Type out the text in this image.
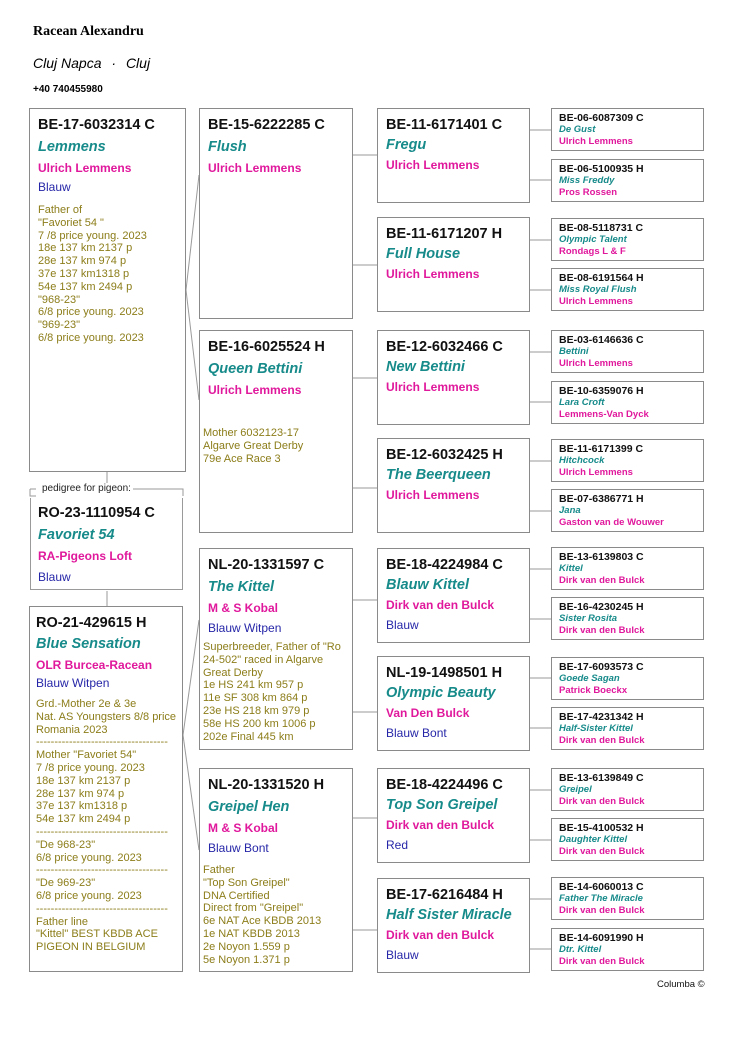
Racean Alexandru
Cluj Napca · Cluj
+40 740455980
BE-17-6032314 C
Lemmens
Ulrich Lemmens
Blauw
Father of
"Favoriet 54 "
7 /8 price young. 2023
18e 137 km 2137 p
28e 137 km 974 p
37e 137 km1318 p
54e 137 km 2494 p
"968-23"
6/8 price young. 2023
"969-23"
6/8 price young. 2023
pedigree for pigeon:
RO-23-1110954 C
Favoriet 54
RA-Pigeons Loft
Blauw
RO-21-429615 H
Blue Sensation
OLR Burcea-Racean
Blauw Witpen
Grd.-Mother 2e & 3e
Nat. AS Youngsters 8/8 price
Romania 2023
------------------------------------
Mother "Favoriet 54"
7 /8 price young. 2023
18e 137 km 2137 p
28e 137 km 974 p
37e 137 km1318 p
54e 137 km 2494 p
------------------------------------
"De 968-23"
6/8 price young. 2023
------------------------------------
"De 969-23"
6/8 price young. 2023
------------------------------------
Father line
"Kittel" BEST KBDB ACE
PIGEON IN BELGIUM
BE-15-6222285 C
Flush
Ulrich Lemmens
BE-16-6025524 H
Queen Bettini
Ulrich Lemmens
Mother 6032123-17
Algarve Great Derby
79e Ace Race 3
NL-20-1331597 C
The Kittel
M & S Kobal
Blauw Witpen
Superbreeder, Father of "Ro
24-502" raced in Algarve
Great Derby
1e HS 241 km 957 p
11e SF 308 km 864 p
23e HS 218 km 979 p
58e HS 200 km 1006 p
202e Final 445 km
NL-20-1331520 H
Greipel Hen
M & S Kobal
Blauw Bont
Father
"Top Son Greipel"
DNA Certified
Direct from "Greipel"
6e NAT Ace KBDB 2013
1e NAT KBDB 2013
2e Noyon 1.559 p
5e Noyon 1.371 p
BE-11-6171401 C
Fregu
Ulrich Lemmens
BE-11-6171207 H
Full House
Ulrich Lemmens
BE-12-6032466 C
New Bettini
Ulrich Lemmens
BE-12-6032425 H
The Beerqueen
Ulrich Lemmens
BE-18-4224984 C
Blauw Kittel
Dirk van den Bulck
Blauw
NL-19-1498501 H
Olympic Beauty
Van Den Bulck
Blauw Bont
BE-18-4224496 C
Top Son Greipel
Dirk van den Bulck
Red
BE-17-6216484 H
Half Sister Miracle
Dirk van den Bulck
Blauw
BE-06-6087309 C
De Gust
Ulrich Lemmens
BE-06-5100935 H
Miss Freddy
Pros Rossen
BE-08-5118731 C
Olympic Talent
Rondags L & F
BE-08-6191564 H
Miss Royal Flush
Ulrich Lemmens
BE-03-6146636 C
Bettini
Ulrich Lemmens
BE-10-6359076 H
Lara Croft
Lemmens-Van Dyck
BE-11-6171399 C
Hitchcock
Ulrich Lemmens
BE-07-6386771 H
Jana
Gaston van de Wouwer
BE-13-6139803 C
Kittel
Dirk van den Bulck
BE-16-4230245 H
Sister Rosita
Dirk van den Bulck
BE-17-6093573 C
Goede Sagan
Patrick Boeckx
BE-17-4231342 H
Half-Sister Kittel
Dirk van den Bulck
BE-13-6139849 C
Greipel
Dirk van den Bulck
BE-15-4100532 H
Daughter Kittel
Dirk van den Bulck
BE-14-6060013 C
Father The Miracle
Dirk van den Bulck
BE-14-6091990 H
Dtr. Kittel
Dirk van den Bulck
Columba ©
